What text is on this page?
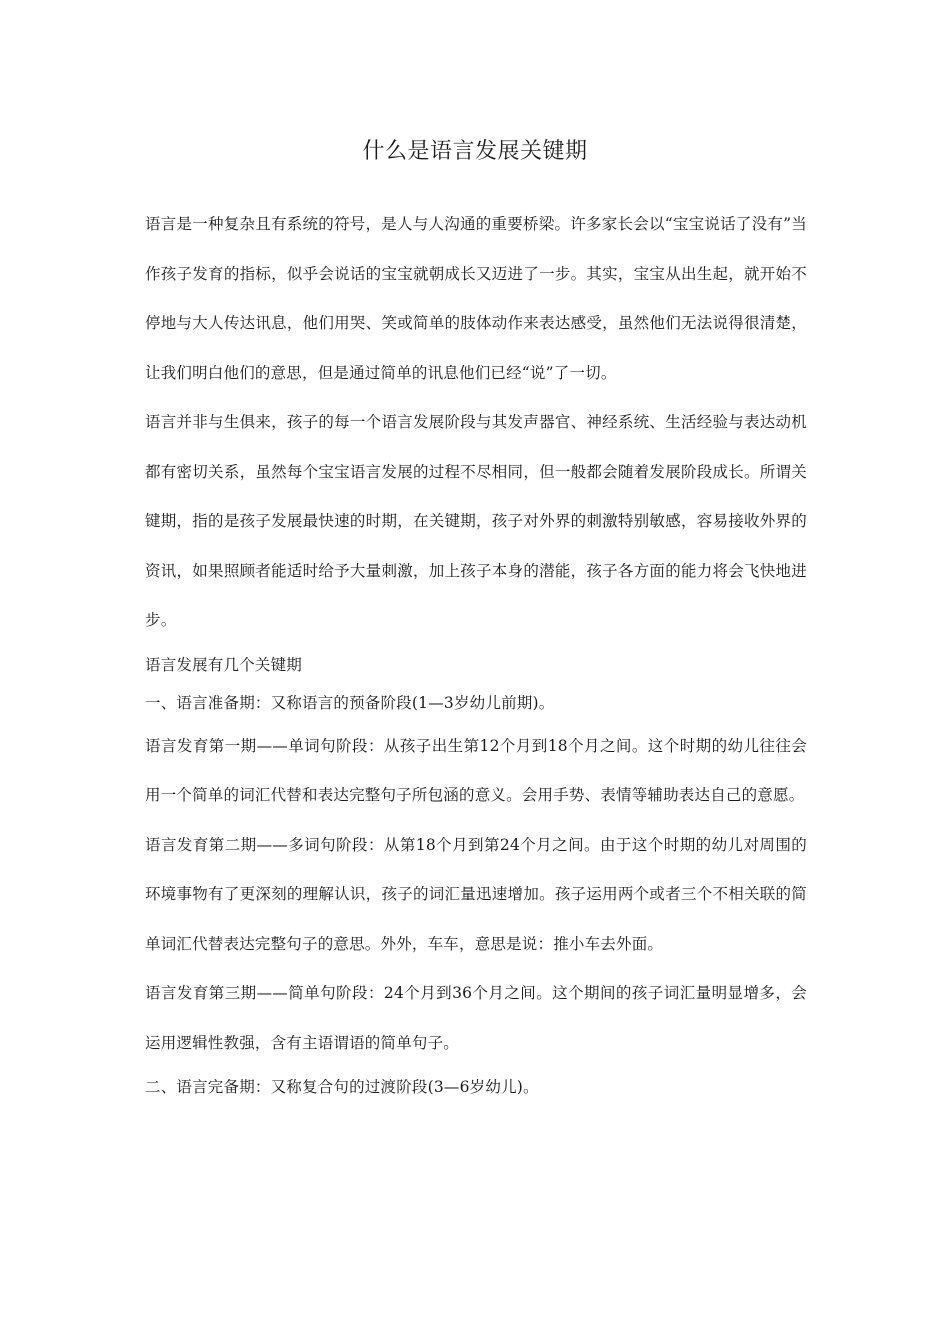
什么是语言发展关键期

语言是一种复杂且有系统的符号，是人与人沟通的重要桥梁。许多家长会以“宝宝说话了没有”当作孩子发育的指标，似乎会说话的宝宝就朝成长又迈进了一步。其实，宝宝从出生起，就开始不停地与大人传达讯息，他们用哭、笑或简单的肢体动作来表达感受，虽然他们无法说得很清楚，让我们明白他们的意思，但是通过简单的讯息他们已经“说”了一切。

语言并非与生俱来，孩子的每一个语言发展阶段与其发声器官、神经系统、生活经验与表达动机都有密切关系，虽然每个宝宝语言发展的过程不尽相同，但一般都会随着发展阶段成长。所谓关键期，指的是孩子发展最快速的时期，在关键期，孩子对外界的刺激特别敏感，容易接收外界的资讯，如果照顾者能适时给予大量刺激，加上孩子本身的潜能，孩子各方面的能力将会飞快地进步。

语言发展有几个关键期

一、语言准备期：又称语言的预备阶段(1—3岁幼儿前期)。

语言发育第一期——单词句阶段：从孩子出生第12个月到18个月之间。这个时期的幼儿往往会用一个简单的词汇代替和表达完整句子所包涵的意义。会用手势、表情等辅助表达自己的意愿。

语言发育第二期——多词句阶段：从第18个月到第24个月之间。由于这个时期的幼儿对周围的环境事物有了更深刻的理解认识，孩子的词汇量迅速增加。孩子运用两个或者三个不相关联的简单词汇代替表达完整句子的意思。外外，车车，意思是说：推小车去外面。

语言发育第三期——简单句阶段：24个月到36个月之间。这个期间的孩子词汇量明显增多，会运用逻辑性教强，含有主语谓语的简单句子。

二、语言完备期：又称复合句的过渡阶段(3—6岁幼儿)。
